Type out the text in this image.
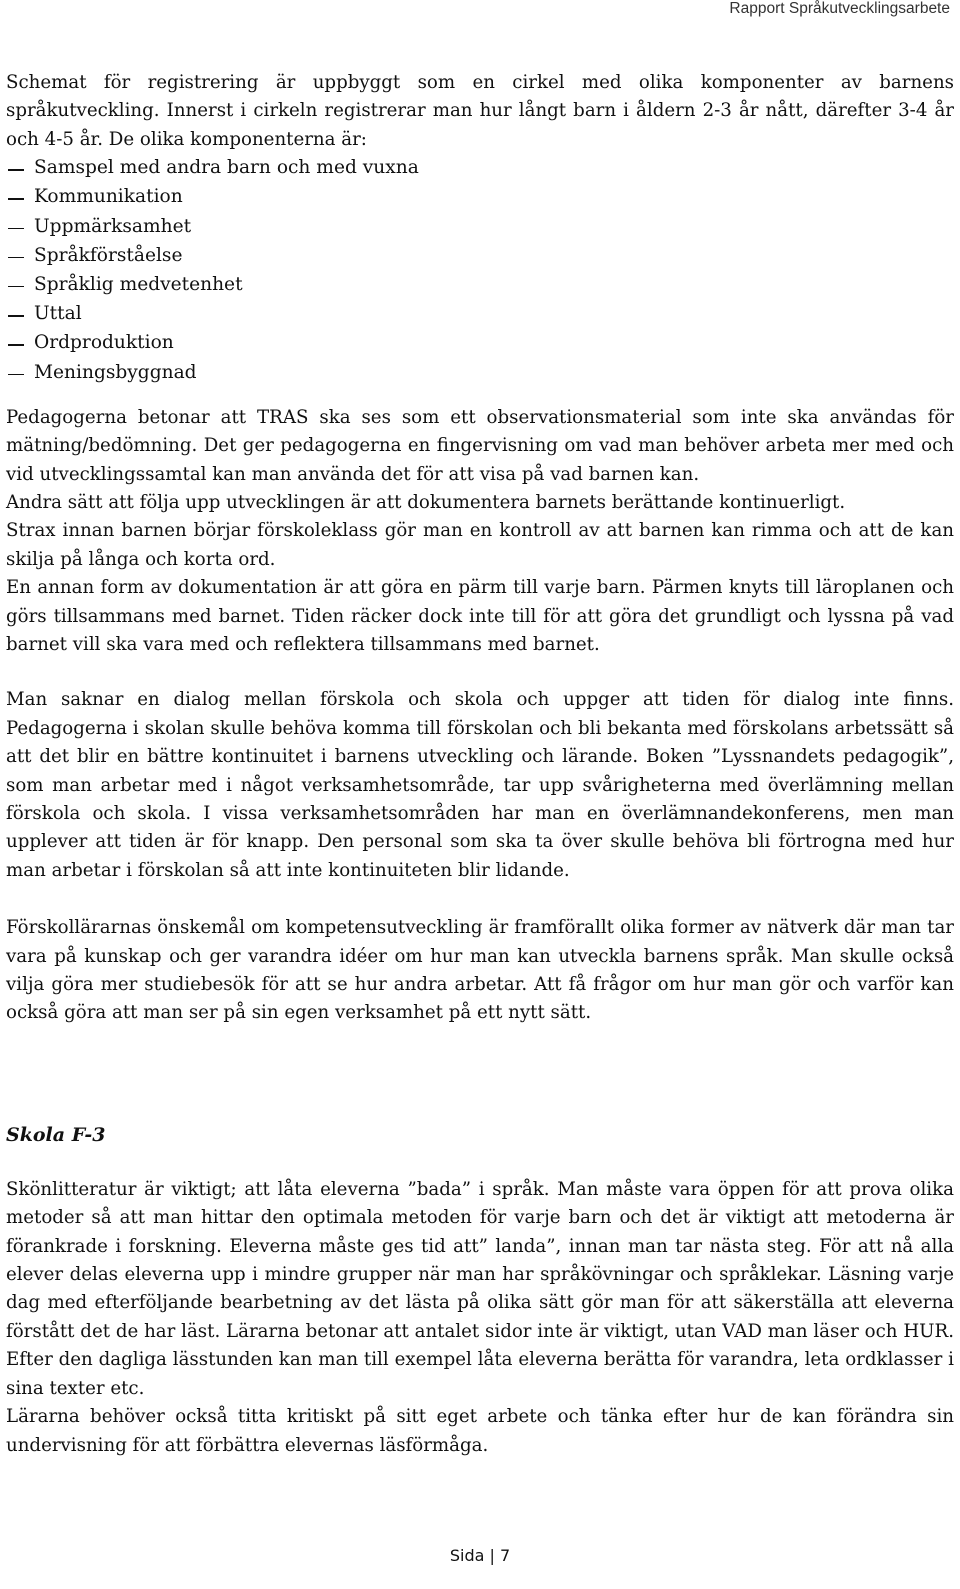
Rapport Språkutvecklingsarbete

Schemat för registrering är uppbyggt som en cirkel med olika komponenter av barnens språkutveckling. Innerst i cirkeln registrerar man hur långt barn i åldern 2-3 år nått, därefter 3-4 år och 4-5 år. De olika komponenterna är:

Samspel med andra barn och med vuxna
Kommunikation
Uppmärksamhet
Språkförståelse
Språklig medvetenhet
Uttal
Ordproduktion
Meningsbyggnad

Pedagogerna betonar att TRAS ska ses som ett observationsmaterial som inte ska användas för mätning/bedömning. Det ger pedagogerna en fingervisning om vad man behöver arbeta mer med och vid utvecklingssamtal kan man använda det för att visa på vad barnen kan.

Andra sätt att följa upp utvecklingen är att dokumentera barnets berättande kontinuerligt.

Strax innan barnen börjar förskoleklass gör man en kontroll av att barnen kan rimma och att de kan skilja på långa och korta ord.

En annan form av dokumentation är att göra en pärm till varje barn. Pärmen knyts till läroplanen och görs tillsammans med barnet. Tiden räcker dock inte till för att göra det grundligt och lyssna på vad barnet vill ska vara med och reflektera tillsammans med barnet.

Man saknar en dialog mellan förskola och skola och uppger att tiden för dialog inte finns. Pedagogerna i skolan skulle behöva komma till förskolan och bli bekanta med förskolans arbetssätt så att det blir en bättre kontinuitet i barnens utveckling och lärande. Boken ”Lyssnandets pedagogik”, som man arbetar med i något verksamhetsområde, tar upp svårigheterna med överlämning mellan förskola och skola. I vissa verksamhetsområden har man en överlämnandekonferens, men man upplever att tiden är för knapp. Den personal som ska ta över skulle behöva bli förtrogna med hur man arbetar i förskolan så att inte kontinuiteten blir lidande.

Förskollärarnas önskemål om kompetensutveckling är framförallt olika former av nätverk där man tar vara på kunskap och ger varandra idéer om hur man kan utveckla barnens språk. Man skulle också vilja göra mer studiebesök för att se hur andra arbetar. Att få frågor om hur man gör och varför kan också göra att man ser på sin egen verksamhet på ett nytt sätt.

Skola F-3

Skönlitteratur är viktigt; att låta eleverna ”bada” i språk. Man måste vara öppen för att prova olika metoder så att man hittar den optimala metoden för varje barn och det är viktigt att metoderna är förankrade i forskning. Eleverna måste ges tid att” landa”, innan man tar nästa steg. För att nå alla elever delas eleverna upp i mindre grupper när man har språkövningar och språklekar. Läsning varje dag med efterföljande bearbetning av det lästa på olika sätt gör man för att säkerställa att eleverna förstått det de har läst. Lärarna betonar att antalet sidor inte är viktigt, utan VAD man läser och HUR. Efter den dagliga lässtunden kan man till exempel låta eleverna berätta för varandra, leta ordklasser i sina texter etc.

Lärarna behöver också titta kritiskt på sitt eget arbete och tänka efter hur de kan förändra sin undervisning för att förbättra elevernas läsförmåga.

Sida | 7
